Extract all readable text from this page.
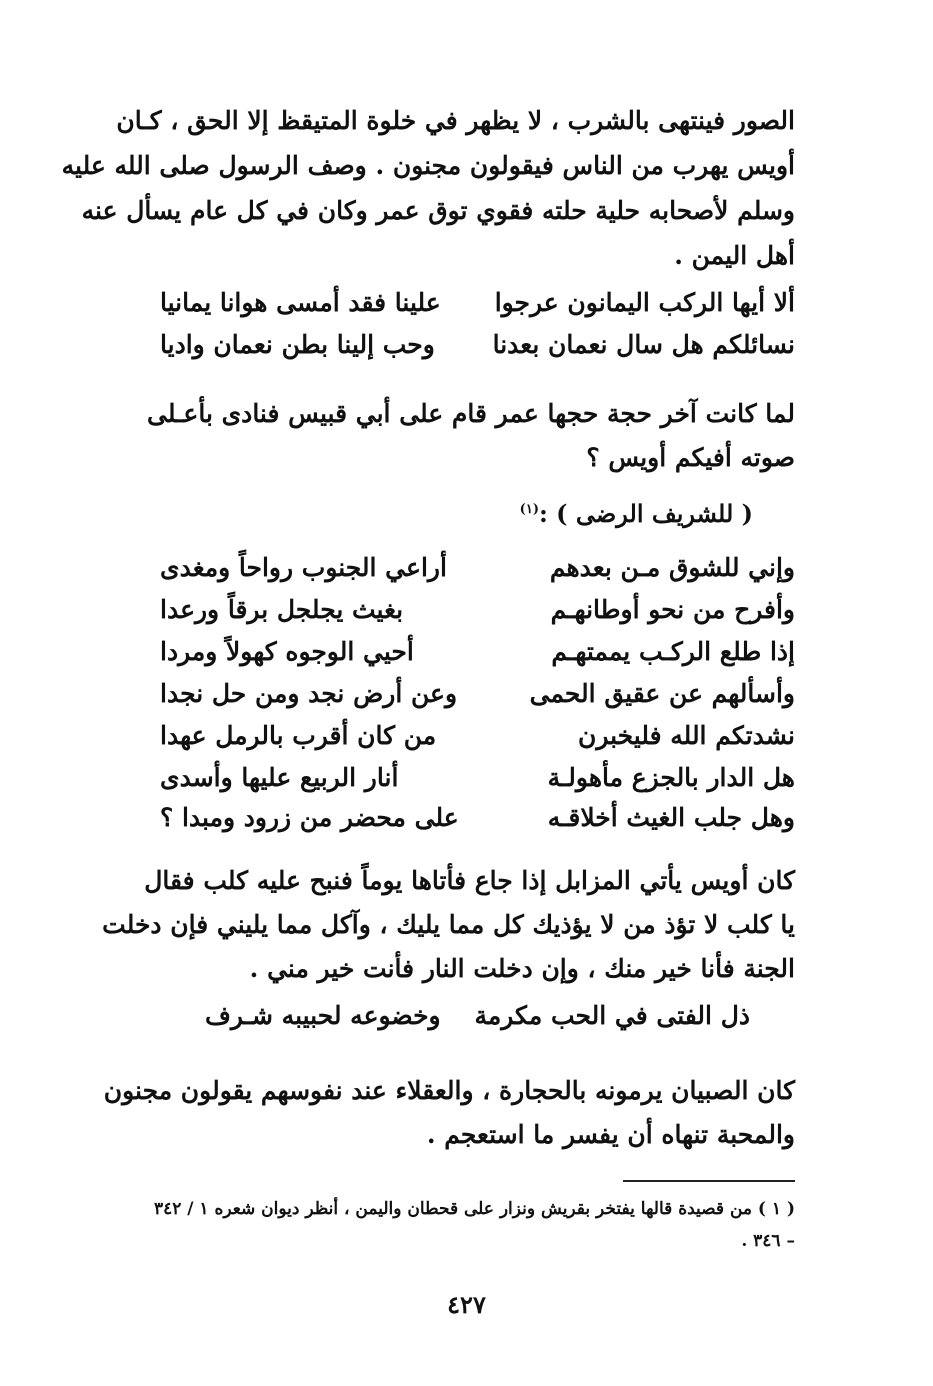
الصور فينتهى بالشرب ، لا يظهر في خلوة المتيقظ إلا الحق ، كـان
أويس يهرب من الناس فيقولون مجنون . وصف الرسول صلى الله عليه
وسلم لأصحابه حلية حلته فقوي توق عمر وكان في كل عام يسأل عنه
أهل اليمن .
ألا أيها الركب اليمانون عرجوا
علينا فقد أمسى هوانا يمانيا
نسائلكم هل سال نعمان بعدنا
وحب إلينا بطن نعمان واديا
لما كانت آخر حجة حجها عمر قام على أبي قبيس فنادى بأعـلى
صوته أفيكم أويس ؟
( للشريف الرضى ) :$^{(١)}$
وإني للشوق مـن بعدهم
أراعي الجنوب رواحاً ومغدى
وأفرح من نحو أوطانهـم
بغيث يجلجل برقاً ورعدا
إذا طلع الركـب يممتهـم
أحيي الوجوه كهولاً ومردا
وأسألهم عن عقيق الحمى
وعن أرض نجد ومن حل نجدا
نشدتكم الله فليخبرن
من كان أقرب بالرمل عهدا
هل الدار بالجزع مأهولـة
أنار الربيع عليها وأسدى
وهل جلب الغيث أخلاقـه
على محضر من زرود ومبدا ؟
كان أويس يأتي المزابل إذا جاع فأتاها يوماً فنبح عليه كلب فقال
يا كلب لا تؤذ من لا يؤذيك كل مما يليك ، وآكل مما يليني فإن دخلت
الجنة فأنا خير منك ، وإن دخلت النار فأنت خير مني .
ذل الفتى في الحب مكرمة
وخضوعه لحبيبه شـرف
كان الصبيان يرمونه بالحجارة ، والعقلاء عند نفوسهم يقولون مجنون
والمحبة تنهاه أن يفسر ما استعجم .
( ١ ) من قصيدة قالها يفتخر بقريش ونزار على قحطان واليمن ، أنظر ديوان شعره ١ / ٣٤٢
– ٣٤٦ .
٤٢٧
